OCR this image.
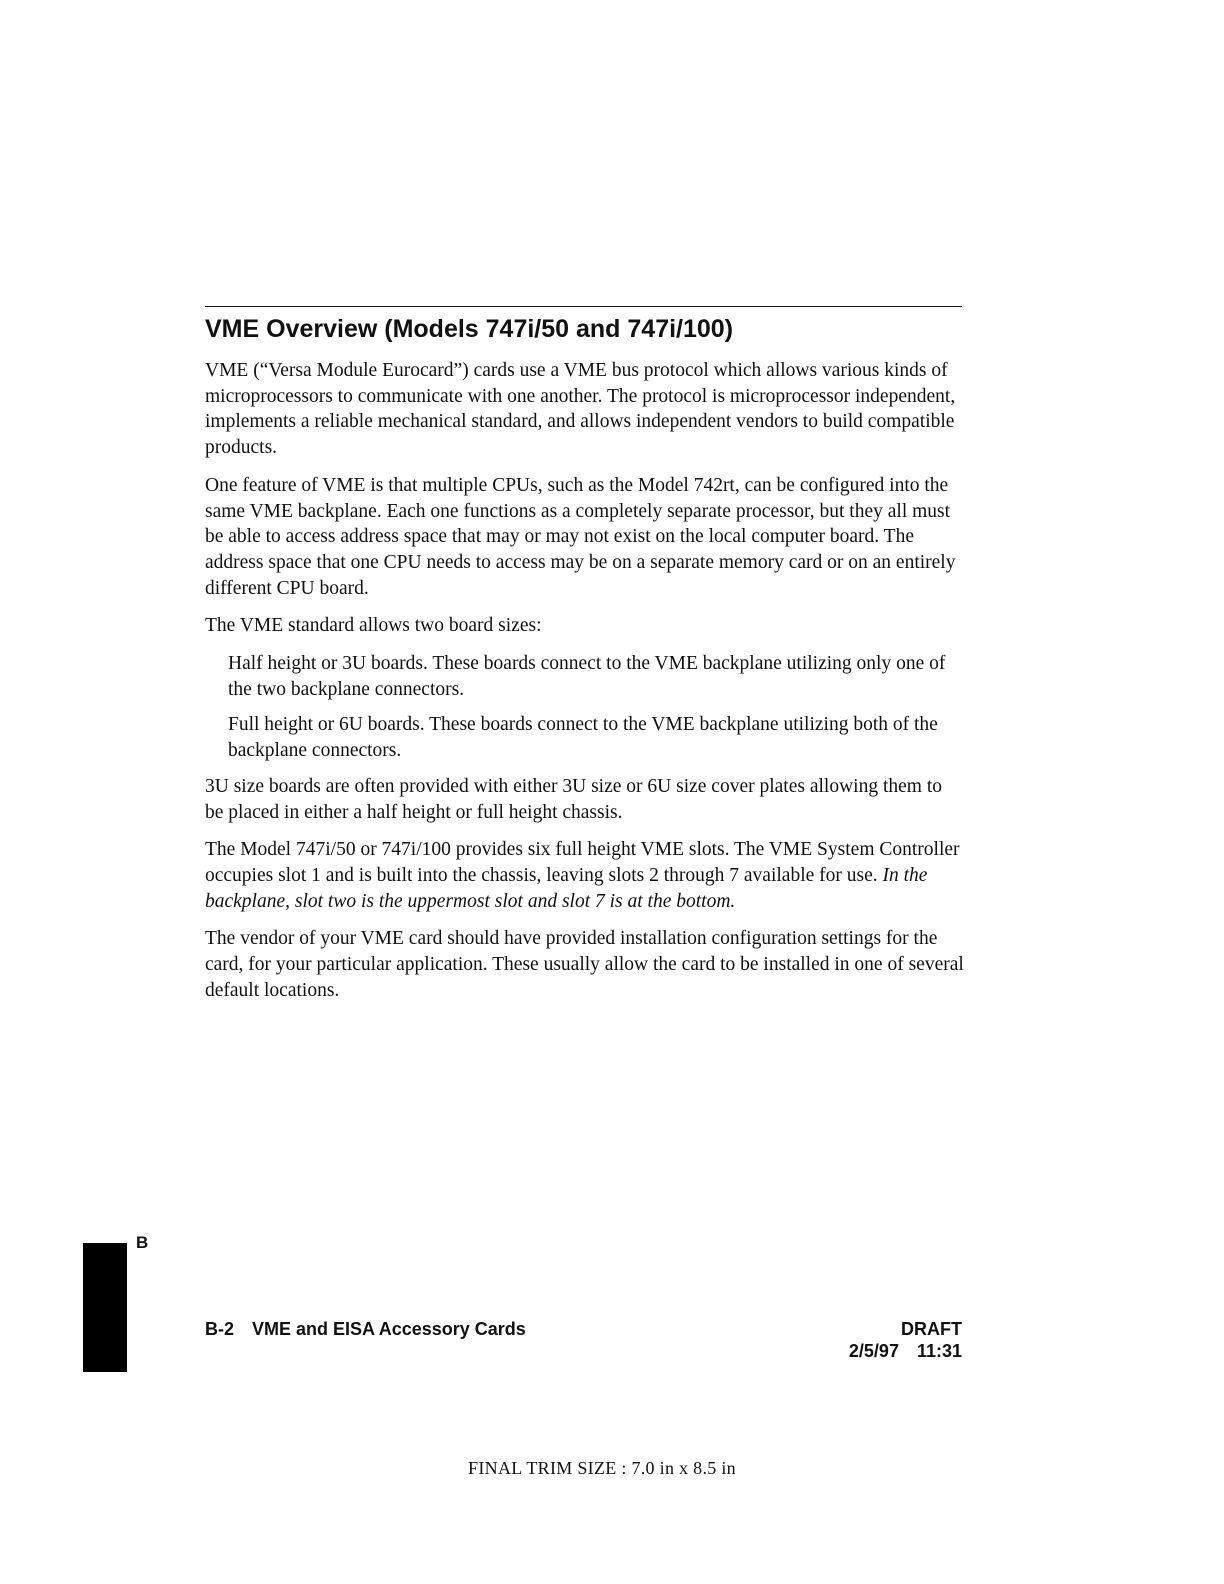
VME Overview (Models 747i/50 and 747i/100)

VME (“Versa Module Eurocard”) cards use a VME bus protocol which allows various kinds of microprocessors to communicate with one another. The protocol is microprocessor independent, implements a reliable mechanical standard, and allows independent vendors to build compatible products.

One feature of VME is that multiple CPUs, such as the Model 742rt, can be configured into the same VME backplane. Each one functions as a completely separate processor, but they all must be able to access address space that may or may not exist on the local computer board. The address space that one CPU needs to access may be on a separate memory card or on an entirely different CPU board.

The VME standard allows two board sizes:

Half height or 3U boards. These boards connect to the VME backplane utilizing only one of the two backplane connectors.

Full height or 6U boards. These boards connect to the VME backplane utilizing both of the backplane connectors.

3U size boards are often provided with either 3U size or 6U size cover plates allowing them to be placed in either a half height or full height chassis.

The Model 747i/50 or 747i/100 provides six full height VME slots. The VME System Controller occupies slot 1 and is built into the chassis, leaving slots 2 through 7 available for use. In the backplane, slot two is the uppermost slot and slot 7 is at the bottom.

The vendor of your VME card should have provided installation configuration settings for the card, for your particular application. These usually allow the card to be installed in one of several default locations.

B
B-2 VME and EISA Accessory Cards	DRAFT
2/5/97 11:31
FINAL TRIM SIZE : 7.0 in x 8.5 in
